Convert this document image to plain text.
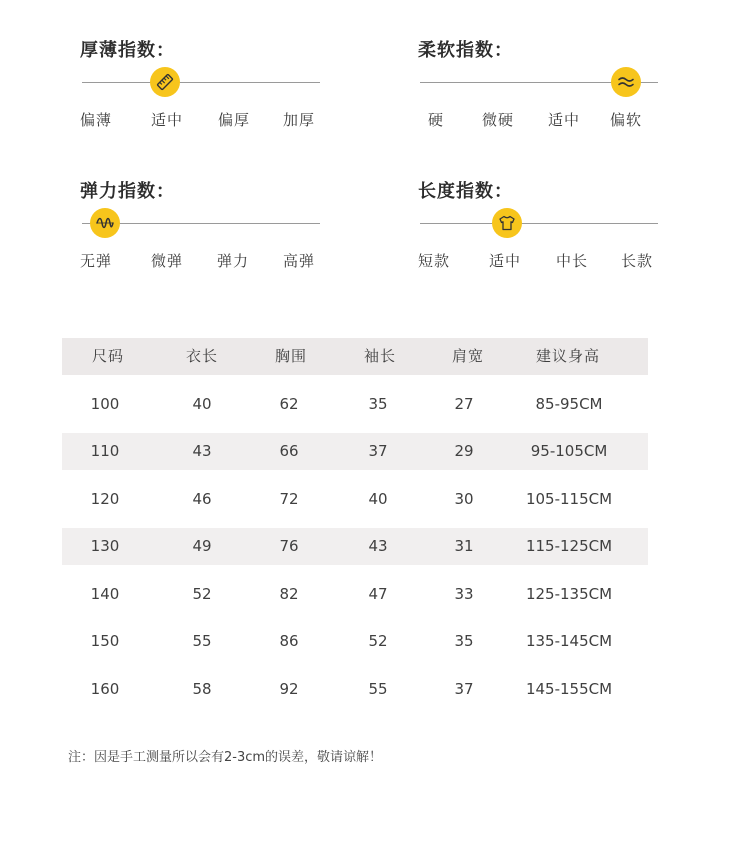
厚薄指数：
偏薄	适中 偏厚 加厚
柔软指数：
硬	微硬 适中 偏软
弹力指数：
无弹	微弹 弹力 高弹
长度指数：
短款	适中 中长 长款
尺码	衣长	胸围	袖长	肩宽	建议身高
100	40	62	35	27	85-95CM
110	43	66	37	29	95-105CM
120	46	72	40	30	105-115CM
130	49	76	43	31	115-125CM
140	52	82	47	33	125-135CM
150	55	86	52	35	135-145CM
160	58	92	55	37	145-155CM
注：因是手工测量所以会有2-3cm的误差，敬请谅解！
